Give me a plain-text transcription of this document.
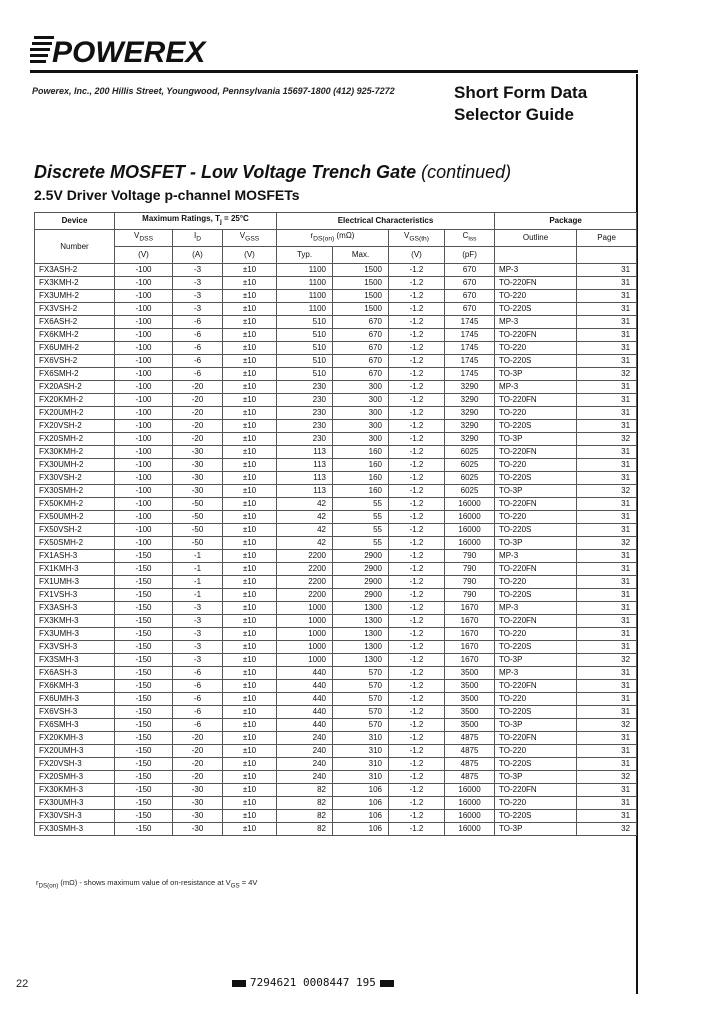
POWEREX
Powerex, Inc., 200 Hillis Street, Youngwood, Pennsylvania 15697-1800 (412) 925-7272	Short Form Data
Selector Guide
Discrete MOSFET - Low Voltage Trench Gate (continued)
2.5V Driver Voltage p-channel MOSFETs
Device	Maximum Ratings, $T_j = 25^\circ C$			Electrical Characteristics				Package	
Number	$V_{DSS}$	$I_D$	$V_{GSS}$	$r_{DS(on)}$ (mΩ)		$V_{GS(th)}$	$C_{iss}$	Outline	Page
	(V)	(A)	(V)	Typ.	Max.	(V)	(pF)		
FX3ASH-2	-100	-3	±10	1100	1500	-1.2	670	MP-3	31
FX3KMH-2	-100	-3	±10	1100	1500	-1.2	670	TO-220FN	31
FX3UMH-2	-100	-3	±10	1100	1500	-1.2	670	TO-220	31
FX3VSH-2	-100	-3	±10	1100	1500	-1.2	670	TO-220S	31
FX6ASH-2	-100	-6	±10	510	670	-1.2	1745	MP-3	31
FX6KMH-2	-100	-6	±10	510	670	-1.2	1745	TO-220FN	31
FX6UMH-2	-100	-6	±10	510	670	-1.2	1745	TO-220	31
FX6VSH-2	-100	-6	±10	510	670	-1.2	1745	TO-220S	31
FX6SMH-2	-100	-6	±10	510	670	-1.2	1745	TO-3P	32
FX20ASH-2	-100	-20	±10	230	300	-1.2	3290	MP-3	31
FX20KMH-2	-100	-20	±10	230	300	-1.2	3290	TO-220FN	31
FX20UMH-2	-100	-20	±10	230	300	-1.2	3290	TO-220	31
FX20VSH-2	-100	-20	±10	230	300	-1.2	3290	TO-220S	31
FX20SMH-2	-100	-20	±10	230	300	-1.2	3290	TO-3P	32
FX30KMH-2	-100	-30	±10	113	160	-1.2	6025	TO-220FN	31
FX30UMH-2	-100	-30	±10	113	160	-1.2	6025	TO-220	31
FX30VSH-2	-100	-30	±10	113	160	-1.2	6025	TO-220S	31
FX30SMH-2	-100	-30	±10	113	160	-1.2	6025	TO-3P	32
FX50KMH-2	-100	-50	±10	42	55	-1.2	16000	TO-220FN	31
FX50UMH-2	-100	-50	±10	42	55	-1.2	16000	TO-220	31
FX50VSH-2	-100	-50	±10	42	55	-1.2	16000	TO-220S	31
FX50SMH-2	-100	-50	±10	42	55	-1.2	16000	TO-3P	32
FX1ASH-3	-150	-1	±10	2200	2900	-1.2	790	MP-3	31
FX1KMH-3	-150	-1	±10	2200	2900	-1.2	790	TO-220FN	31
FX1UMH-3	-150	-1	±10	2200	2900	-1.2	790	TO-220	31
FX1VSH-3	-150	-1	±10	2200	2900	-1.2	790	TO-220S	31
FX3ASH-3	-150	-3	±10	1000	1300	-1.2	1670	MP-3	31
FX3KMH-3	-150	-3	±10	1000	1300	-1.2	1670	TO-220FN	31
FX3UMH-3	-150	-3	±10	1000	1300	-1.2	1670	TO-220	31
FX3VSH-3	-150	-3	±10	1000	1300	-1.2	1670	TO-220S	31
FX3SMH-3	-150	-3	±10	1000	1300	-1.2	1670	TO-3P	32
FX6ASH-3	-150	-6	±10	440	570	-1.2	3500	MP-3	31
FX6KMH-3	-150	-6	±10	440	570	-1.2	3500	TO-220FN	31
FX6UMH-3	-150	-6	±10	440	570	-1.2	3500	TO-220	31
FX6VSH-3	-150	-6	±10	440	570	-1.2	3500	TO-220S	31
FX6SMH-3	-150	-6	±10	440	570	-1.2	3500	TO-3P	32
FX20KMH-3	-150	-20	±10	240	310	-1.2	4875	TO-220FN	31
FX20UMH-3	-150	-20	±10	240	310	-1.2	4875	TO-220	31
FX20VSH-3	-150	-20	±10	240	310	-1.2	4875	TO-220S	31
FX20SMH-3	-150	-20	±10	240	310	-1.2	4875	TO-3P	32
FX30KMH-3	-150	-30	±10	82	106	-1.2	16000	TO-220FN	31
FX30UMH-3	-150	-30	±10	82	106	-1.2	16000	TO-220	31
FX30VSH-3	-150	-30	±10	82	106	-1.2	16000	TO-220S	31
FX30SMH-3	-150	-30	±10	82	106	-1.2	16000	TO-3P	32
$r_{DS(on)}$ (mΩ) - shows maximum value of on-resistance at $V_{GS} = 4V$
22	7294621 0008447 195
